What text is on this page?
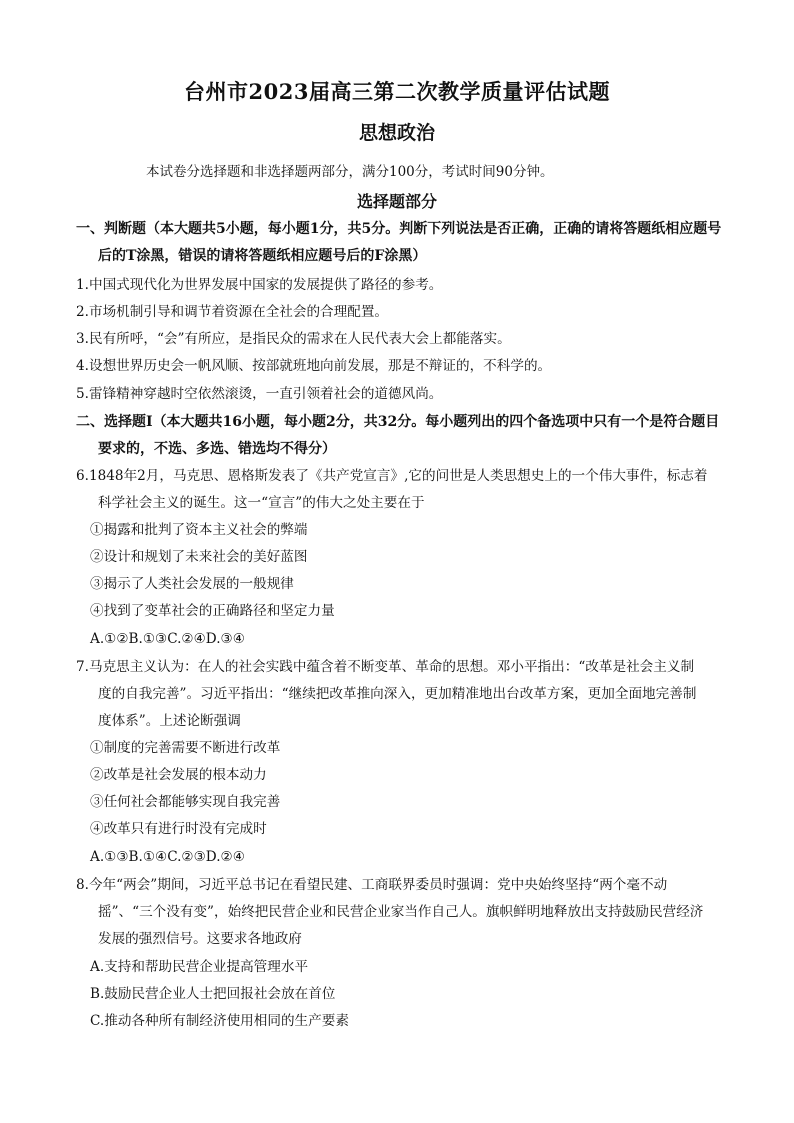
台州市2023届高三第二次教学质量评估试题
思想政治
本试卷分选择题和非选择题两部分，满分100分，考试时间90分钟。
选择题部分
一、判断题（本大题共5小题，每小题1分，共5分。判断下列说法是否正确，正确的请将答题纸相应题号
后的T涂黑，错误的请将答题纸相应题号后的F涂黑）
1.中国式现代化为世界发展中国家的发展提供了路径的参考。
2.市场机制引导和调节着资源在全社会的合理配置。
3.民有所呼，“会”有所应，是指民众的需求在人民代表大会上都能落实。
4.设想世界历史会一帆风顺、按部就班地向前发展，那是不辩证的，不科学的。
5.雷锋精神穿越时空依然滚烫，一直引领着社会的道德风尚。
二、选择题Ⅰ（本大题共16小题，每小题2分，共32分。每小题列出的四个备选项中只有一个是符合题目
要求的，不选、多选、错选均不得分）
6.1848年2月，马克思、恩格斯发表了《共产党宣言》,它的问世是人类思想史上的一个伟大事件，标志着
科学社会主义的诞生。这一“宣言”的伟大之处主要在于
①揭露和批判了资本主义社会的弊端
②设计和规划了未来社会的美好蓝图
③揭示了人类社会发展的一般规律
④找到了变革社会的正确路径和坚定力量
A.①②B.①③C.②④D.③④
7.马克思主义认为：在人的社会实践中蕴含着不断变革、革命的思想。邓小平指出：“改革是社会主义制
度的自我完善”。习近平指出：“继续把改革推向深入，更加精准地出台改革方案，更加全面地完善制
度体系”。上述论断强调
①制度的完善需要不断进行改革
②改革是社会发展的根本动力
③任何社会都能够实现自我完善
④改革只有进行时没有完成时
A.①③B.①④C.②③D.②④
8.今年“两会”期间，习近平总书记在看望民建、工商联界委员时强调：党中央始终坚持“两个毫不动
摇”、“三个没有变”，始终把民营企业和民营企业家当作自己人。旗帜鲜明地释放出支持鼓励民营经济
发展的强烈信号。这要求各地政府
A.支持和帮助民营企业提高管理水平
B.鼓励民营企业人士把回报社会放在首位
C.推动各种所有制经济使用相同的生产要素
